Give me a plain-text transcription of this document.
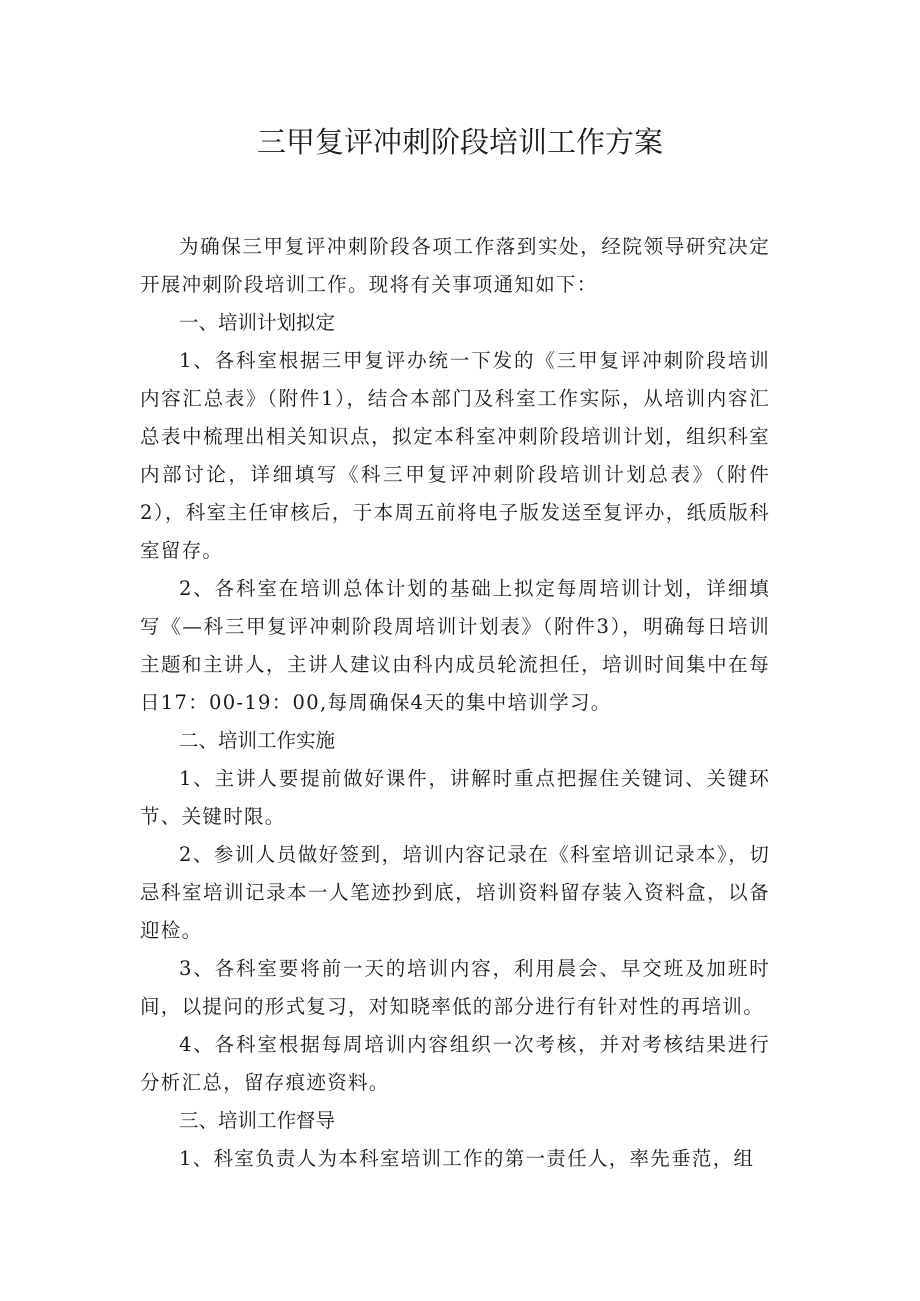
三甲复评冲刺阶段培训工作方案

为确保三甲复评冲刺阶段各项工作落到实处，经院领导研究决定开展冲刺阶段培训工作。现将有关事项通知如下：

一、培训计划拟定

1、各科室根据三甲复评办统一下发的《三甲复评冲刺阶段培训内容汇总表》（附件1），结合本部门及科室工作实际，从培训内容汇总表中梳理出相关知识点，拟定本科室冲刺阶段培训计划，组织科室内部讨论，详细填写《科三甲复评冲刺阶段培训计划总表》（附件2），科室主任审核后，于本周五前将电子版发送至复评办，纸质版科室留存。

2、各科室在培训总体计划的基础上拟定每周培训计划，详细填写《—科三甲复评冲刺阶段周培训计划表》（附件3），明确每日培训主题和主讲人，主讲人建议由科内成员轮流担任，培训时间集中在每日17：00-19：00,每周确保4天的集中培训学习。

二、培训工作实施

1、主讲人要提前做好课件，讲解时重点把握住关键词、关键环节、关键时限。

2、参训人员做好签到，培训内容记录在《科室培训记录本》，切忌科室培训记录本一人笔迹抄到底，培训资料留存装入资料盒，以备迎检。

3、各科室要将前一天的培训内容，利用晨会、早交班及加班时间，以提问的形式复习，对知晓率低的部分进行有针对性的再培训。

4、各科室根据每周培训内容组织一次考核，并对考核结果进行分析汇总，留存痕迹资料。

三、培训工作督导

1、科室负责人为本科室培训工作的第一责任人，率先垂范，组
